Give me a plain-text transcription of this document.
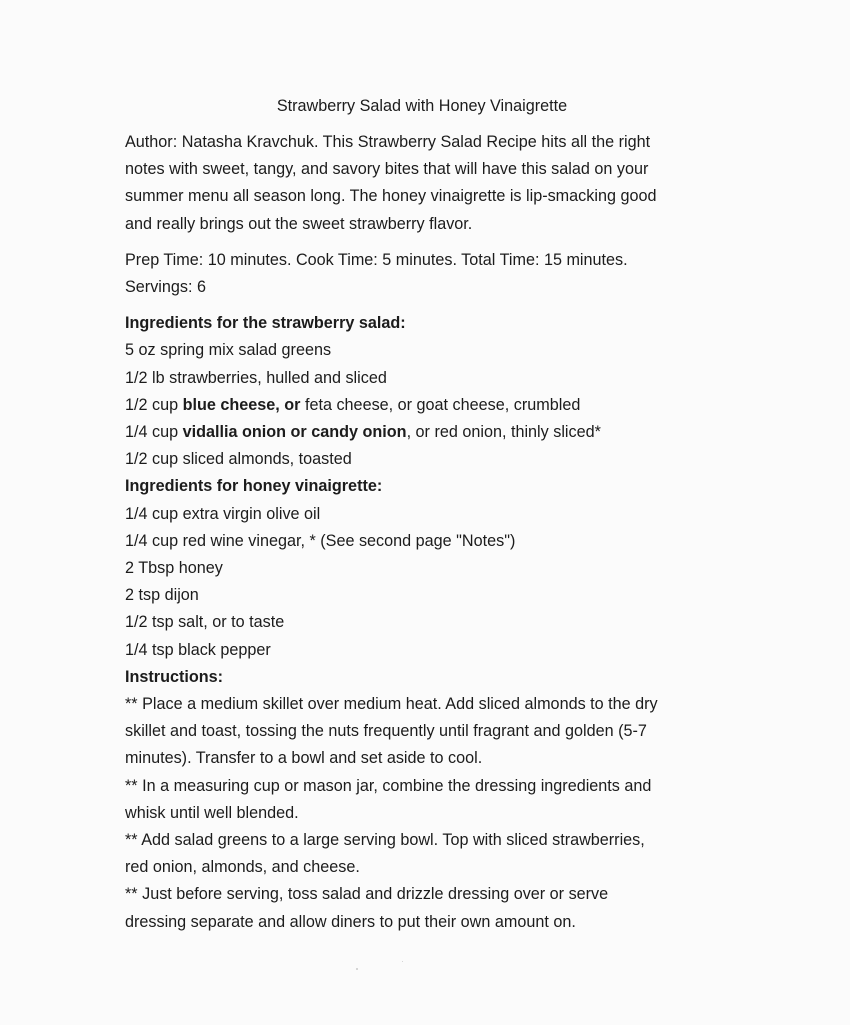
Strawberry Salad with Honey Vinaigrette
Author: Natasha Kravchuk. This Strawberry Salad Recipe hits all the right
notes with sweet, tangy, and savory bites that will have this salad on your
summer menu all season long. The honey vinaigrette is lip-smacking good
and really brings out the sweet strawberry flavor.
Prep Time: 10 minutes. Cook Time: 5 minutes. Total Time: 15 minutes.
Servings: 6
Ingredients for the strawberry salad:
5 oz spring mix salad greens
1/2 lb strawberries, hulled and sliced
1/2 cup blue cheese, or feta cheese, or goat cheese, crumbled
1/4 cup vidallia onion or candy onion, or red onion, thinly sliced*
1/2 cup sliced almonds, toasted
Ingredients for honey vinaigrette:
1/4 cup extra virgin olive oil
1/4 cup red wine vinegar, * (See second page "Notes")
2 Tbsp honey
2 tsp dijon
1/2 tsp salt, or to taste
1/4 tsp black pepper
Instructions:
** Place a medium skillet over medium heat. Add sliced almonds to the dry
skillet and toast, tossing the nuts frequently until fragrant and golden (5-7
minutes). Transfer to a bowl and set aside to cool.
** In a measuring cup or mason jar, combine the dressing ingredients and
whisk until well blended.
** Add salad greens to a large serving bowl. Top with sliced strawberries,
red onion, almonds, and cheese.
** Just before serving, toss salad and drizzle dressing over or serve
dressing separate and allow diners to put their own amount on.
